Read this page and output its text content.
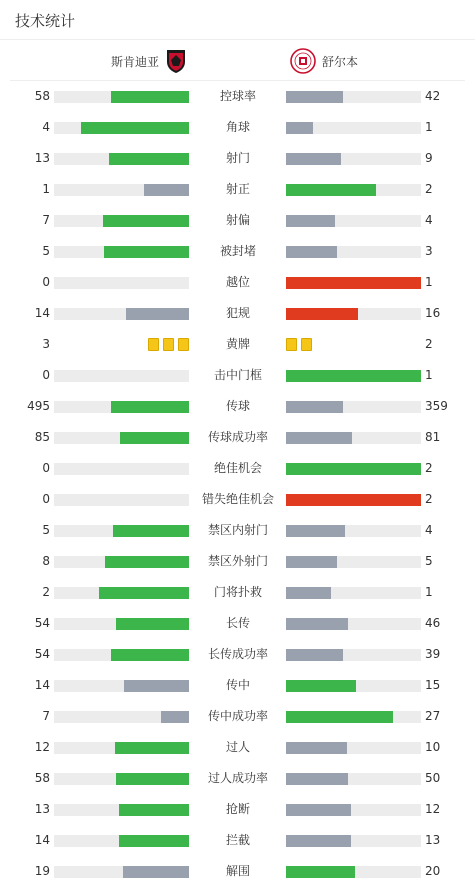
技术统计
斯肯迪亚	舒尔本
58	控球率	42
4	角球	1
13	射门	9
1	射正	2
7	射偏	4
5	被封堵	3
0	越位	1
14	犯规	16
3	黄牌	2
0	击中门框	1
495	传球	359
85	传球成功率	81
0	绝佳机会	2
0	错失绝佳机会	2
5	禁区内射门	4
8	禁区外射门	5
2	门将扑救	1
54	长传	46
54	长传成功率	39
14	传中	15
7	传中成功率	27
12	过人	10
58	过人成功率	50
13	抢断	12
14	拦截	13
19	解围	20
